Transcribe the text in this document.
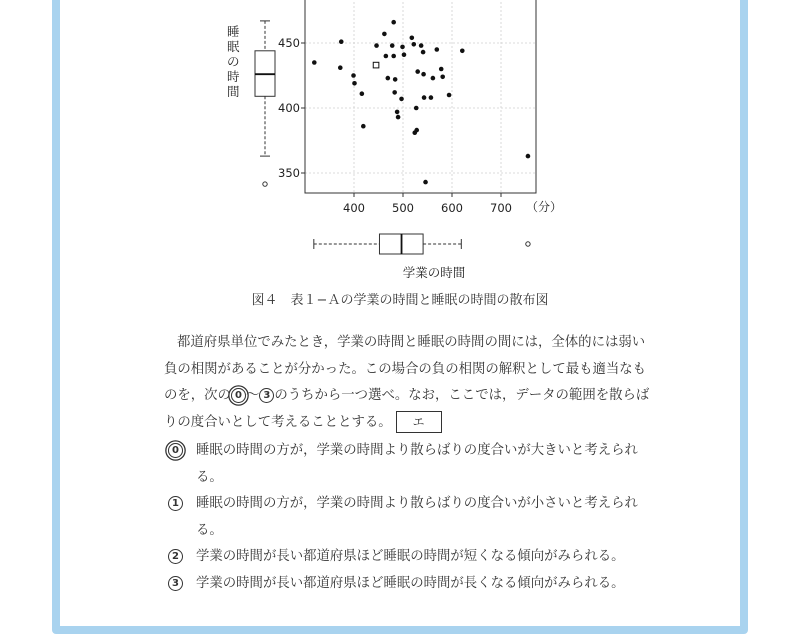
400 500 600 700
350
400
450
（分）
学業の時間
睡眠の時間
図４　表１−Ａの学業の時間と睡眠の時間の散布図
都道府県単位でみたとき，学業の時間と睡眠の時間の間には，全体的には弱い負の相関があることが分かった。この場合の負の相関の解釈として最も適当なものを，次の 0 〜 3 のうちから一つ選べ。なお，ここでは，データの範囲を散らばりの度合いとして考えることとする。 エ
0 睡眠の時間の方が，学業の時間より散らばりの度合いが大きいと考えられる。
1 睡眠の時間の方が，学業の時間より散らばりの度合いが小さいと考えられる。
2 学業の時間が長い都道府県ほど睡眠の時間が短くなる傾向がみられる。
3 学業の時間が長い都道府県ほど睡眠の時間が長くなる傾向がみられる。
